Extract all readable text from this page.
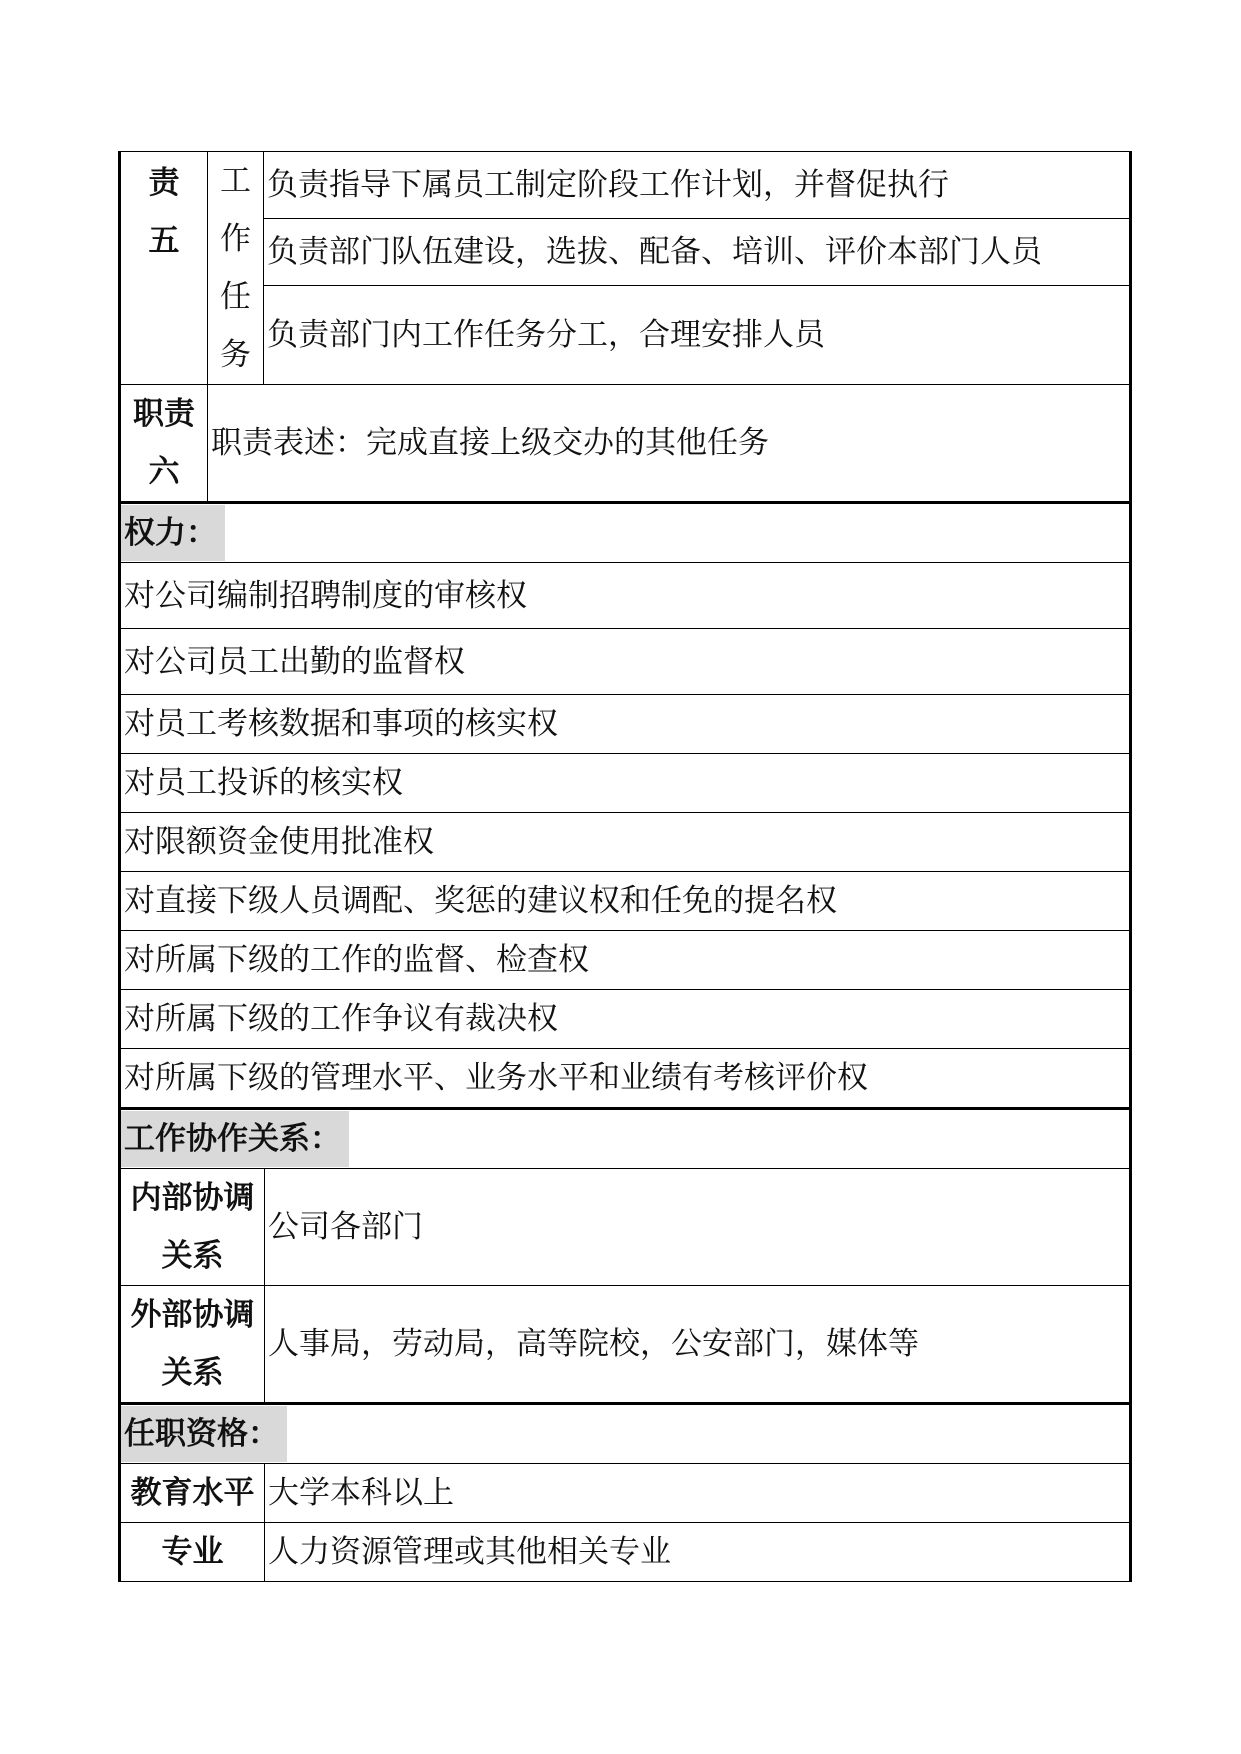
责
五	工
作
任
务	负责指导下属员工制定阶段工作计划，并督促执行
		负责部门队伍建设，选拔、配备、培训、评价本部门人员
		负责部门内工作任务分工，合理安排人员

职责
六	职责表述：完成直接上级交办的其他任务	
权力：		
对公司编制招聘制度的审核权		
对公司员工出勤的监督权		
对员工考核数据和事项的核实权		
对员工投诉的核实权		
对限额资金使用批准权		
对直接下级人员调配、奖惩的建议权和任免的提名权		
对所属下级的工作的监督、检查权		
对所属下级的工作争议有裁决权		
对所属下级的管理水平、业务水平和业绩有考核评价权		
工作协作关系：	

内部协调
关系	公司各部门

外部协调
关系	人事局，劳动局，高等院校，公安部门，媒体等
任职资格：	
教育水平	大学本科以上
专业	人力资源管理或其他相关专业
